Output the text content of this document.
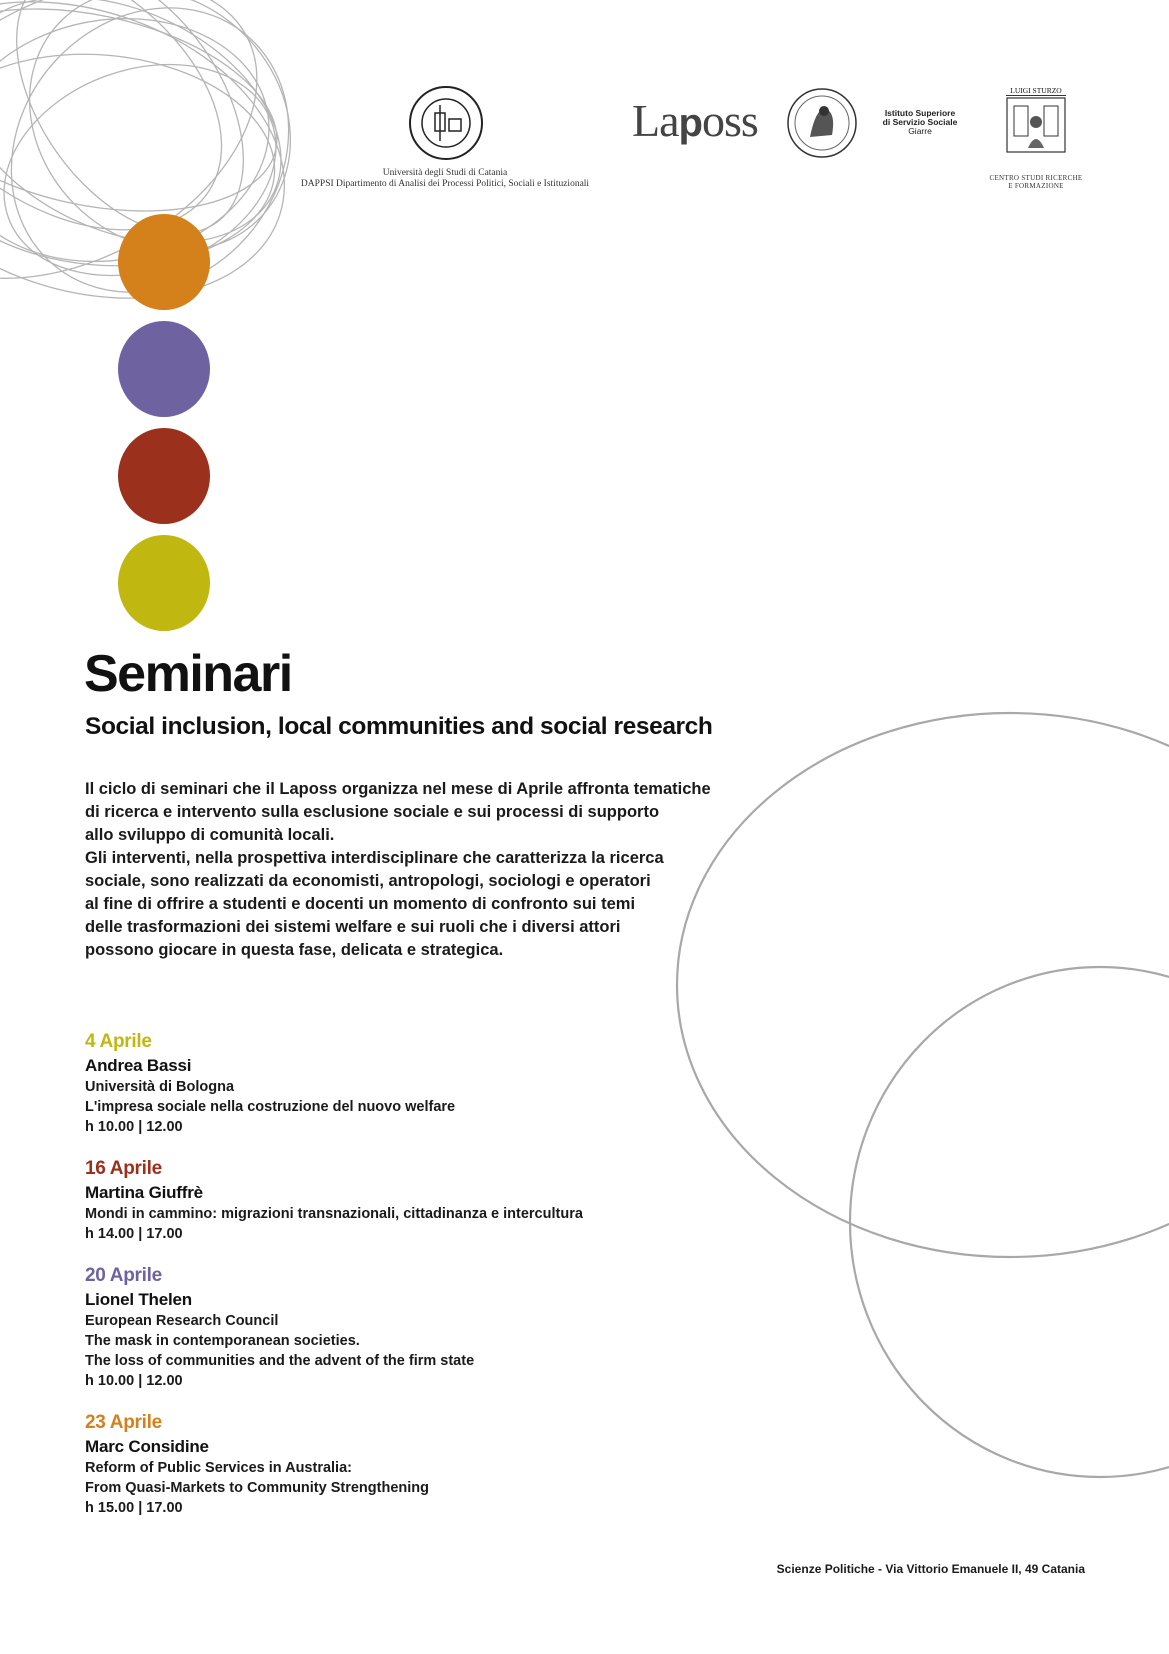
Università degli Studi di Catania
DAPPSI Dipartimento di Analisi dei Processi Politici, Sociali e Istituzionali
Laposs	Istituto Superiore
di Servizio Sociale
Giarre
LUIGI STURZO
CENTRO STUDI RICERCHE
E FORMAZIONE
Seminari
Social inclusion, local communities and social research

Il ciclo di seminari che il Laposs organizza nel mese di Aprile affronta tematiche

di ricerca e intervento sulla esclusione sociale e sui processi di supporto

allo sviluppo di comunità locali.

Gli interventi, nella prospettiva interdisciplinare che caratterizza la ricerca

sociale, sono realizzati da economisti, antropologi, sociologi e operatori

al fine di offrire a studenti e docenti un momento di confronto sui temi

delle trasformazioni dei sistemi welfare e sui ruoli che i diversi attori

possono giocare in questa fase, delicata e strategica.

4 Aprile
Andrea Bassi
Università di Bologna
L'impresa sociale nella costruzione del nuovo welfare
h 10.00 | 12.00
16 Aprile
Martina Giuffrè
Mondi in cammino: migrazioni transnazionali, cittadinanza e intercultura
h 14.00 | 17.00
20 Aprile
Lionel Thelen
European Research Council
The mask in contemporanean societies.
The loss of communities and the advent of the firm state
h 10.00 | 12.00
23 Aprile
Marc Considine
Reform of Public Services in Australia:
From Quasi-Markets to Community Strengthening
h 15.00 | 17.00
Scienze Politiche - Via Vittorio Emanuele II, 49 Catania
